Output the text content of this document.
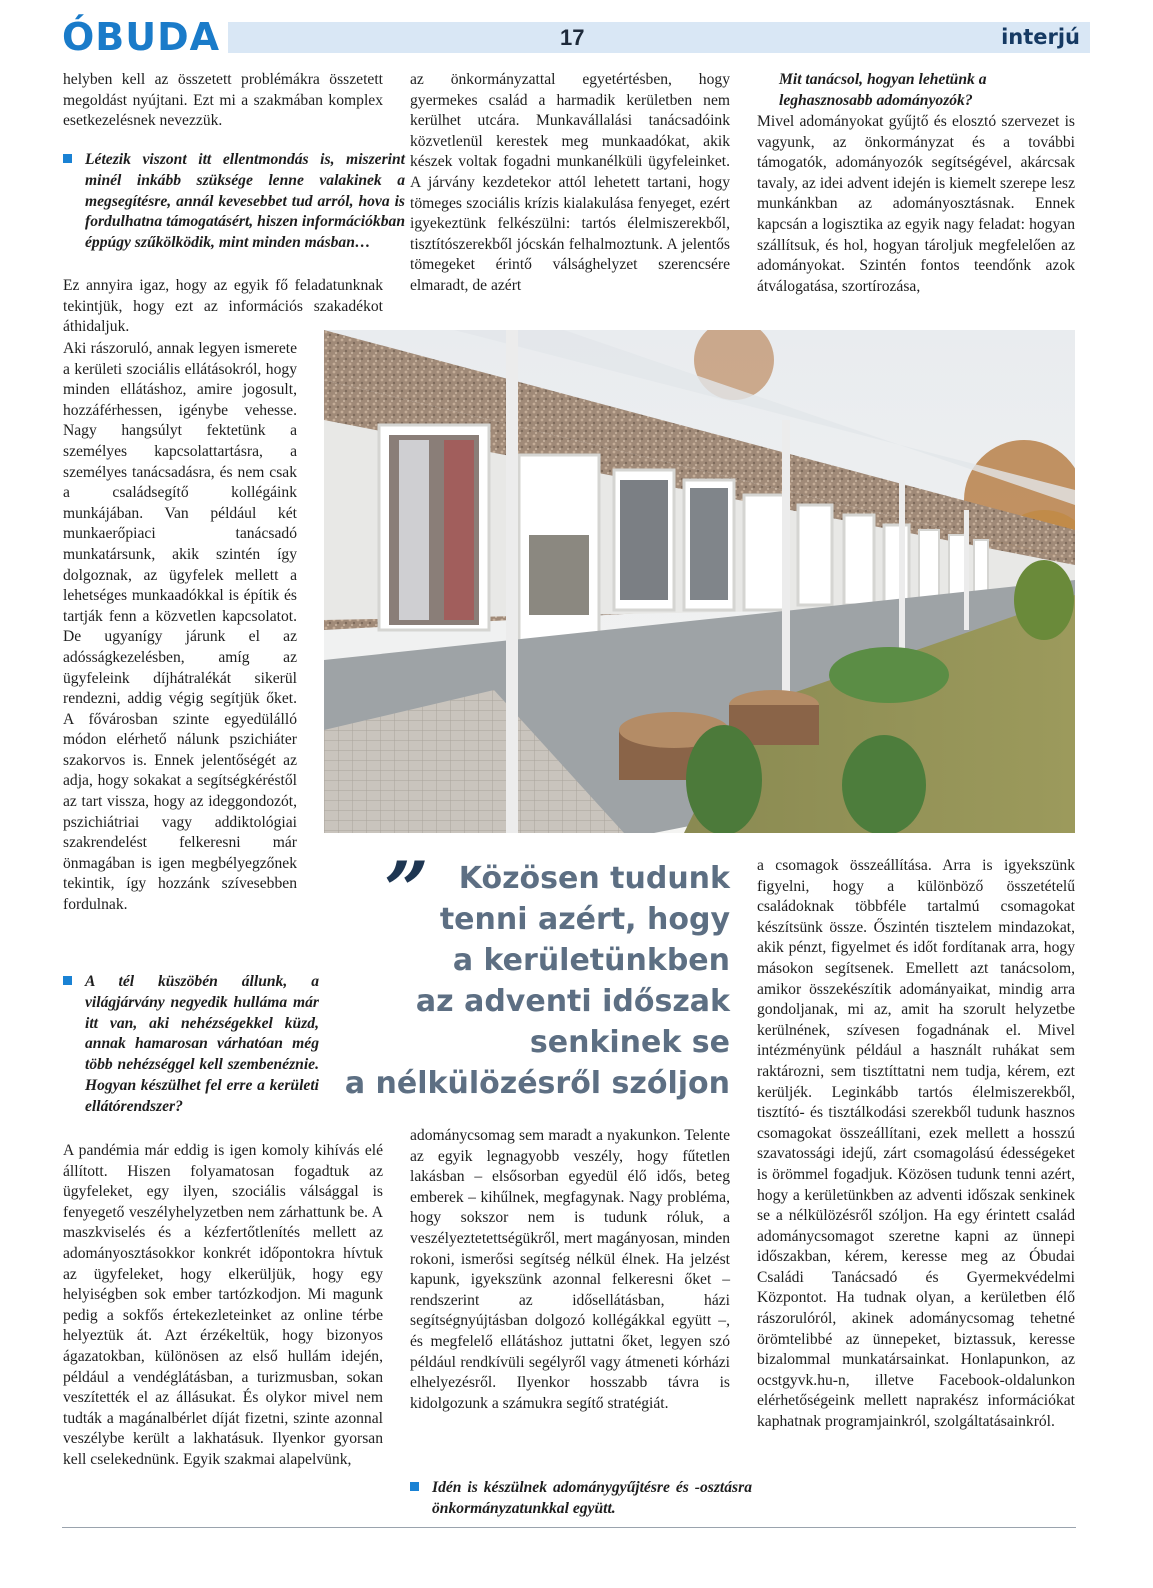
ÓBUDA	17	interjú

helyben kell az összetett problémákra összetett megoldást nyújtani. Ezt mi a szakmában komplex esetkezelésnek nevezzük.

Létezik viszont itt ellentmondás is, miszerint minél inkább szüksége lenne valakinek a megsegítésre, annál kevesebbet tud arról, hova is fordulhatna támogatásért, hiszen információkban éppúgy szűkölködik, mint minden másban…

Ez annyira igaz, hogy az egyik fő feladatunknak tekintjük, hogy ezt az információs szakadékot áthidaljuk.

Aki rászoruló, annak legyen ismerete a kerületi szociális ellátásokról, hogy minden ellátáshoz, amire jogosult, hozzáférhessen, igénybe vehesse. Nagy hangsúlyt fektetünk a személyes kapcsolattartásra, a személyes tanácsadásra, és nem csak a családsegítő kollégáink munkájában. Van például két munkaerőpiaci tanácsadó munkatársunk, akik szintén így dolgoznak, az ügyfelek mellett a lehetséges munkaadókkal is építik és tartják fenn a közvetlen kapcsolatot. De ugyanígy járunk el az adósságkezelésben, amíg az ügyfeleink díjhátralékát sikerül rendezni, addig végig segítjük őket. A fővárosban szinte egyedülálló módon elérhető nálunk pszichiáter szakorvos is. Ennek jelentőségét az adja, hogy sokakat a segítségkéréstől az tart vissza, hogy az ideggondozót, pszichiátriai vagy addiktológiai szakrendelést felkeresni már önmagában is igen megbélyegzőnek tekintik, így hozzánk szívesebben fordulnak.

A tél küszöbén állunk, a világjárvány negyedik hulláma már itt van, aki nehézségekkel küzd, annak hamarosan várhatóan még több nehézséggel kell szembenéznie. Hogyan készülhet fel erre a kerületi ellátórendszer?

A pandémia már eddig is igen komoly kihívás elé állított. Hiszen folyamatosan fogadtuk az ügyfeleket, egy ilyen, szociális válsággal is fenyegető veszélyhelyzetben nem zárhattunk be. A maszkviselés és a kézfertőtlenítés mellett az adományosztásokkor konkrét időpontokra hívtuk az ügyfeleket, hogy elkerüljük, hogy egy helyiségben sok ember tartózkodjon. Mi magunk pedig a sokfős értekezleteinket az online térbe helyeztük át. Azt érzékeltük, hogy bizonyos ágazatokban, különösen az első hullám idején, például a vendéglátásban, a turizmusban, sokan veszítették el az állásukat. És olykor mivel nem tudták a magánalbérlet díját fizetni, szinte azonnal veszélybe került a lakhatásuk. Ilyenkor gyorsan kell cselekednünk. Egyik szakmai alapelvünk,

az önkormányzattal egyetértésben, hogy gyermekes család a harmadik kerületben nem kerülhet utcára. Munkavállalási tanácsadóink közvetlenül kerestek meg munkaadókat, akik készek voltak fogadni munkanélküli ügyfeleinket. A járvány kezdetekor attól lehetett tartani, hogy tömeges szociális krízis kialakulása fenyeget, ezért igyekeztünk felkészülni: tartós élelmiszerekből, tisztítószerekből jócskán felhalmoztunk. A jelentős tömegeket érintő válsághelyzet szerencsére elmaradt, de azért

adománycsomag sem maradt a nyakunkon. Telente az egyik legnagyobb veszély, hogy fűtetlen lakásban – elsősorban egyedül élő idős, beteg emberek – kihűlnek, megfagynak. Nagy probléma, hogy sokszor nem is tudunk róluk, a veszélyeztetettségükről, mert magányosan, minden rokoni, ismerősi segítség nélkül élnek. Ha jelzést kapunk, igyekszünk azonnal felkeresni őket – rendszerint az idősellátásban, házi segítségnyújtásban dolgozó kollégákkal együtt –, és megfelelő ellátáshoz juttatni őket, legyen szó például rendkívüli segélyről vagy átmeneti kórházi elhelyezésről. Ilyenkor hosszabb távra is kidolgozunk a számukra segítő stratégiát.

Idén is készülnek adománygyűjtésre és -osztásra önkormányzatunkkal együtt.
Mit tanácsol, hogyan lehetünk a leghasznosabb adományozók?

Mivel adományokat gyűjtő és elosztó szervezet is vagyunk, az önkormányzat és a további támogatók, adományozók segítségével, akárcsak tavaly, az idei advent idején is kiemelt szerepe lesz munkánkban az adományosztásnak. Ennek kapcsán a logisztika az egyik nagy feladat: hogyan szállítsuk, és hol, hogyan tároljuk megfelelően az adományokat. Szintén fontos teendőnk azok átválogatása, szortírozása,

a csomagok összeállítása. Arra is igyekszünk figyelni, hogy a különböző összetételű családoknak többféle tartalmú csomagokat készítsünk össze. Őszintén tisztelem mindazokat, akik pénzt, figyelmet és időt fordítanak arra, hogy másokon segítsenek. Emellett azt tanácsolom, amikor összekészítik adományaikat, mindig arra gondoljanak, mi az, amit ha szorult helyzetbe kerülnének, szívesen fogadnának el. Mivel intézményünk például a használt ruhákat sem raktározni, sem tisztíttatni nem tudja, kérem, ezt kerüljék. Leginkább tartós élelmiszerekből, tisztító- és tisztálkodási szerekből tudunk hasznos csomagokat összeállítani, ezek mellett a hosszú szavatossági idejű, zárt csomagolású édességeket is örömmel fogadjuk. Közösen tudunk tenni azért, hogy a kerületünkben az adventi időszak senkinek se a nélkülözésről szóljon. Ha egy érintett család adománycsomagot szeretne kapni az ünnepi időszakban, kérem, keresse meg az Óbudai Családi Tanácsadó és Gyermekvédelmi Központot. Ha tudnak olyan, a kerületben élő rászorulóról, akinek adománycsomag tehetné örömtelibbé az ünnepeket, biztassuk, keresse bizalommal munkatársainkat. Honlapunkon, az ocstgyvk.hu-n, illetve Facebook-oldalunkon elérhetőségeink mellett naprakész információkat kaphatnak programjainkról, szolgáltatásainkról.

”	Közösen tudunk
tenni azért, hogy
a kerületünkben
az adventi időszak
senkinek se
a nélkülözésről szóljon
